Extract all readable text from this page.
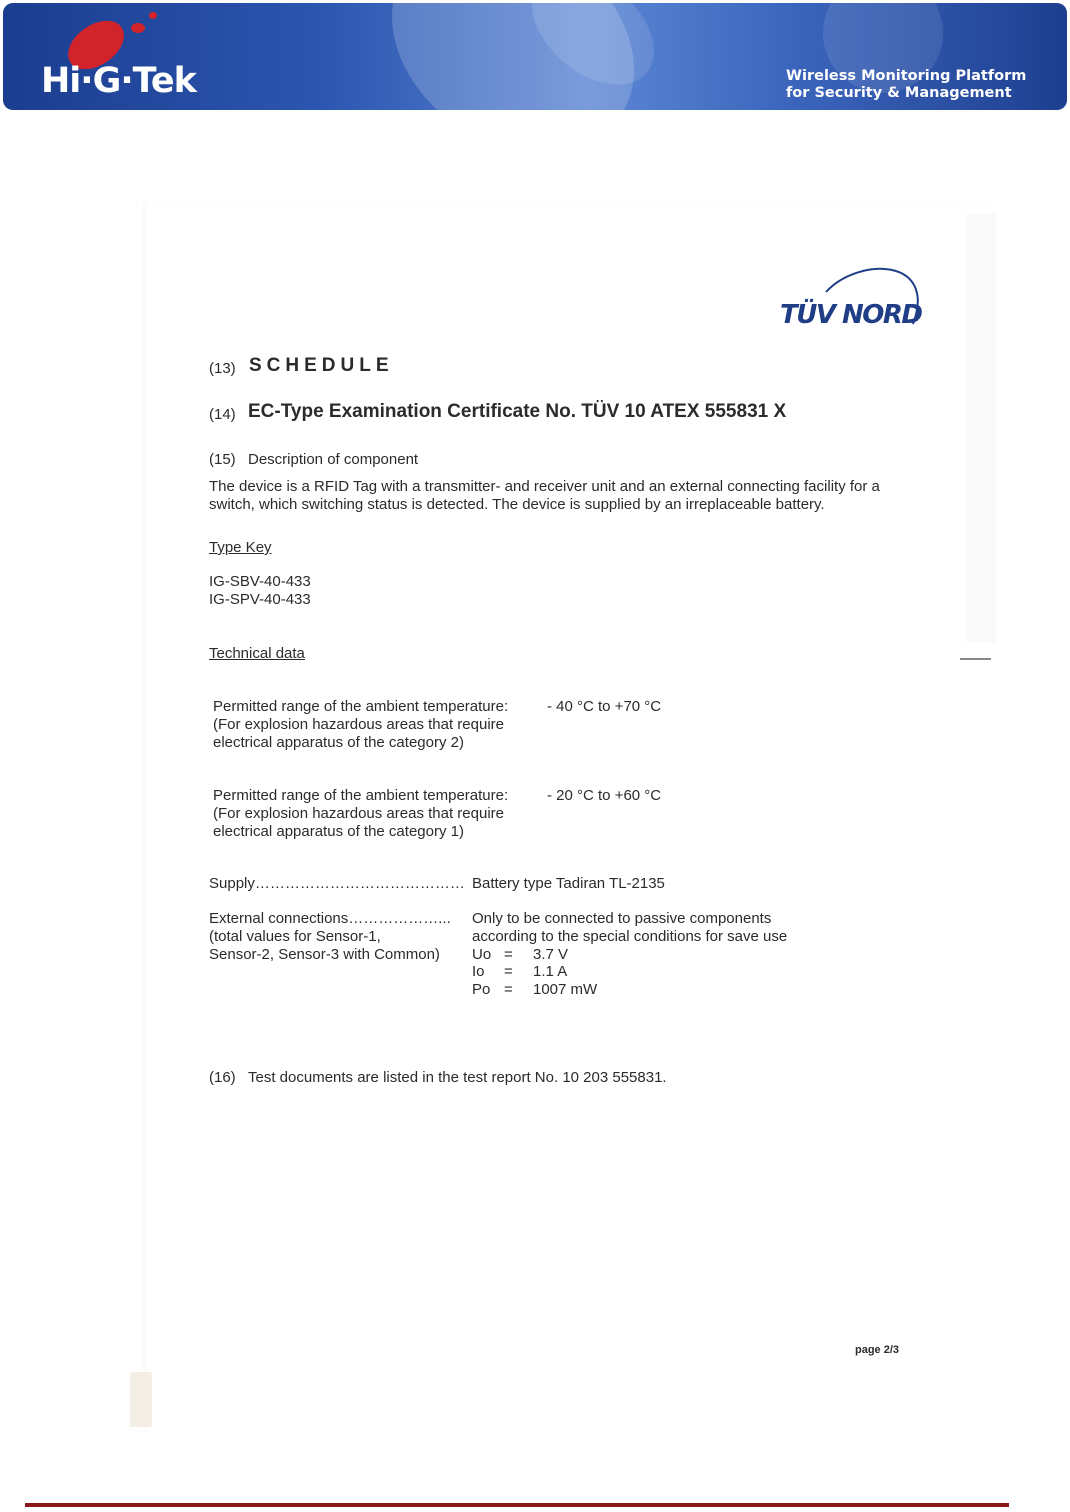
Hi·G·Tek	Wireless Monitoring Platform
for Security & Management
TÜV NORD
(13) SCHEDULE
(14) EC-Type Examination Certificate No. TÜV 10 ATEX 555831 X
(15) Description of component
The device is a RFID Tag with a transmitter- and receiver unit and an external connecting facility for a
switch, which switching status is detected. The device is supplied by an irreplaceable battery.
Type Key
IG-SBV-40-433
IG-SPV-40-433
Technical data
Permitted range of the ambient temperature:
(For explosion hazardous areas that require
electrical apparatus of the category 2)
- 40 °C to +70 °C
Permitted range of the ambient temperature:
(For explosion hazardous areas that require
electrical apparatus of the category 1)
- 20 °C to +60 °C
Supply…………………………………… Battery type Tadiran TL-2135
External connections………………...
(total values for Sensor-1,
Sensor-2, Sensor-3 with Common)
Only to be connected to passive components
according to the special conditions for save use
Uo = 3.7 V
Io = 1.1 A
Po = 1007 mW
(16) Test documents are listed in the test report No. 10 203 555831.
page 2/3
